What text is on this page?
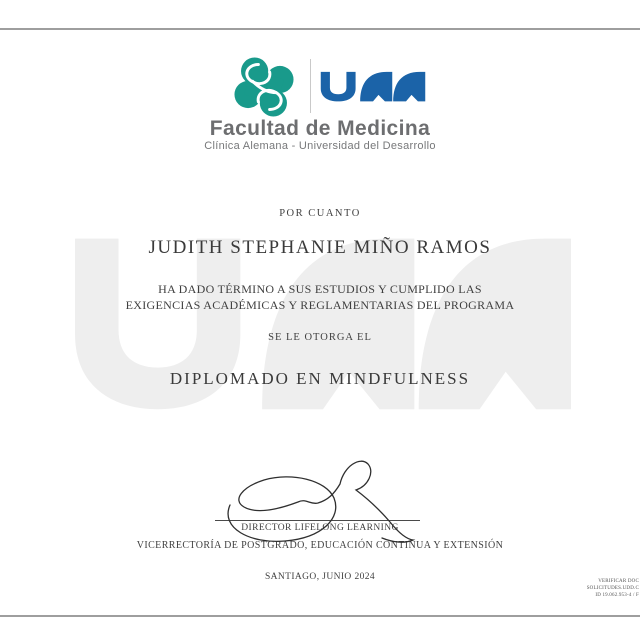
Facultad de Medicina
Clínica Alemana - Universidad del Desarrollo
POR CUANTO
JUDITH STEPHANIE MIÑO RAMOS
HA DADO TÉRMINO A SUS ESTUDIOS Y CUMPLIDO LAS
EXIGENCIAS ACADÉMICAS Y REGLAMENTARIAS DEL PROGRAMA
SE LE OTORGA EL
DIPLOMADO EN MINDFULNESS
DIRECTOR LIFELONG LEARNING
VICERRECTORÍA DE POSTGRADO, EDUCACIÓN CONTINUA Y EXTENSIÓN
SANTIAGO, JUNIO 2024	VERIFICAR DOC
SOLICITUDES.UDD.C
ID 19.062.953-4 / F
